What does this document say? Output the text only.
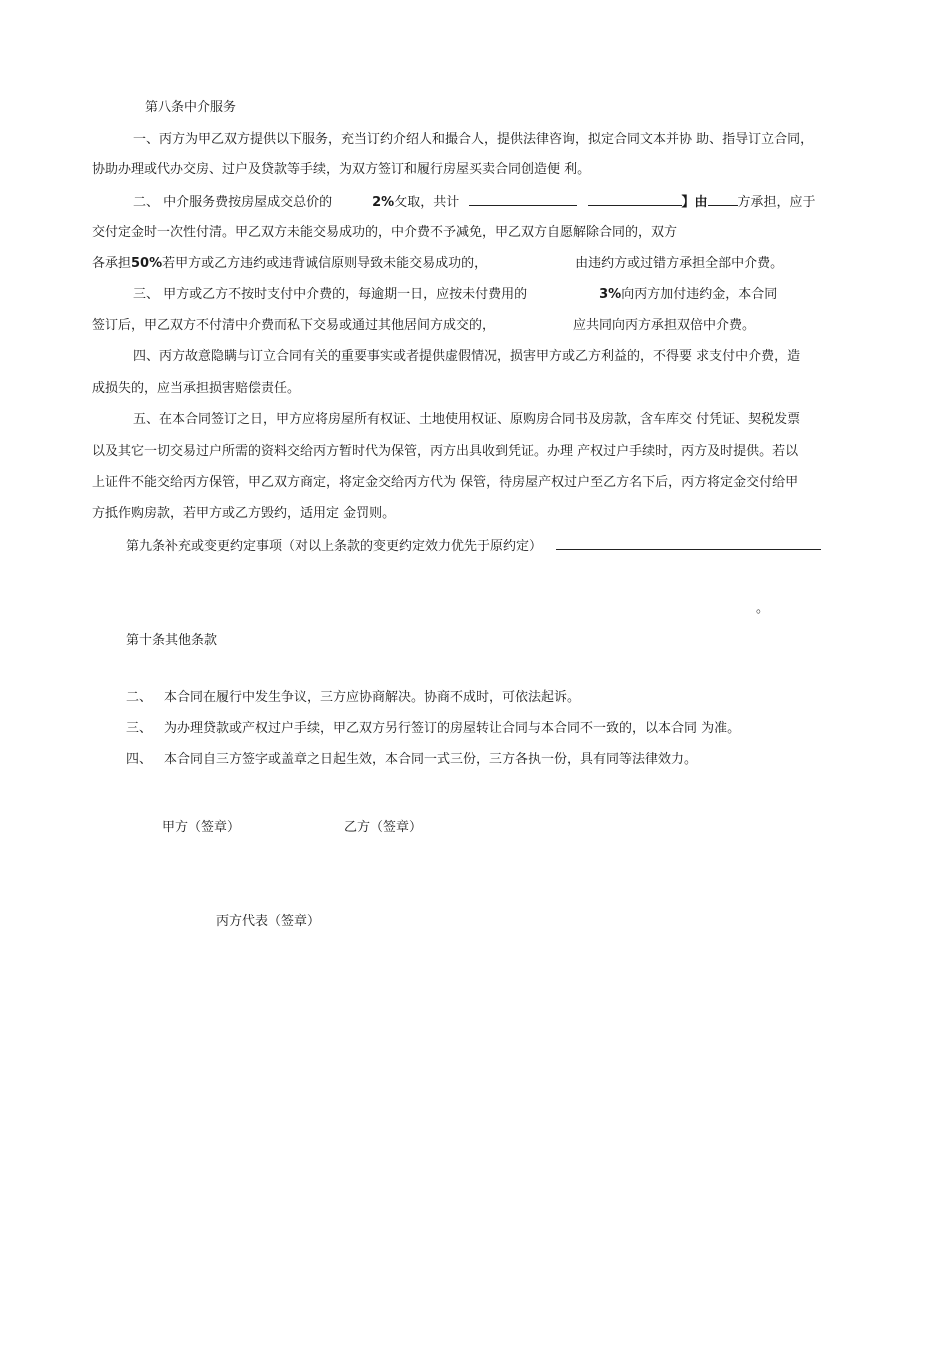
第八条中介服务
一、丙方为甲乙双方提供以下服务，充当订约介绍人和撮合人，提供法律咨询，拟定合同文本并协 助、指导订立合同，
协助办理或代办交房、过户及贷款等手续，为双方签订和履行房屋买卖合同创造便 利。
二、 中介服务费按房屋成交总价的	2%攵取，共计	】由 方承担，应于
交付定金时一次性付清。甲乙双方未能交易成功的，中介费不予减免，甲乙双方自愿解除合同的，双方
各承担50%若甲方或乙方违约或违背诚信原则导致未能交易成功的，	由违约方或过错方承担全部中介费。
三、 甲方或乙方不按时支付中介费的，每逾期一日，应按未付费用的	3%向丙方加付违约金，本合同
签订后，甲乙双方不付清中介费而私下交易或通过其他居间方成交的，	应共同向丙方承担双倍中介费。
四、丙方故意隐瞒与订立合同有关的重要事实或者提供虚假情况，损害甲方或乙方利益的，不得要 求支付中介费，造
成损失的，应当承担损害赔偿责任。
五、在本合同签订之日，甲方应将房屋所有权证、土地使用权证、原购房合同书及房款，含车库交 付凭证、契税发票
以及其它一切交易过户所需的资料交给丙方暂时代为保管，丙方出具收到凭证。办理 产权过户手续时，丙方及时提供。若以
上证件不能交给丙方保管，甲乙双方商定，将定金交给丙方代为 保管，待房屋产权过户至乙方名下后，丙方将定金交付给甲
方抵作购房款，若甲方或乙方毁约，适用定 金罚则。
第九条补充或变更约定事项（对以上条款的变更约定效力优先于原约定）
。
第十条其他条款
二、 本合同在履行中发生争议，三方应协商解决。协商不成时，可依法起诉。
三、 为办理贷款或产权过户手续，甲乙双方另行签订的房屋转让合同与本合同不一致的，以本合同 为准。
四、 本合同自三方签字或盖章之日起生效，本合同一式三份，三方各执一份，具有同等法律效力。
甲方（签章）	乙方（签章）
丙方代表（签章）
